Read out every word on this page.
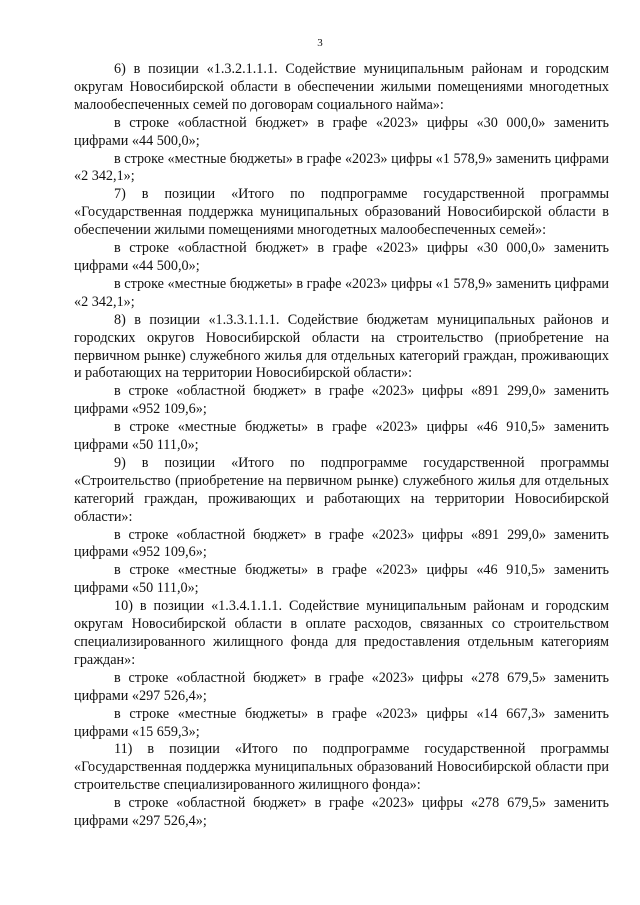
3

6) в позиции «1.3.2.1.1.1. Содействие муниципальным районам и городским округам Новосибирской области в обеспечении жилыми помещениями многодетных малообеспеченных семей по договорам социального найма»:

в строке «областной бюджет» в графе «2023» цифры «30 000,0» заменить цифрами «44 500,0»;

в строке «местные бюджеты» в графе «2023» цифры «1 578,9» заменить цифрами «2 342,1»;

7) в позиции «Итого по подпрограмме государственной программы «Государственная поддержка муниципальных образований Новосибирской области в обеспечении жилыми помещениями многодетных малообеспеченных семей»:

в строке «областной бюджет» в графе «2023» цифры «30 000,0» заменить цифрами «44 500,0»;

в строке «местные бюджеты» в графе «2023» цифры «1 578,9» заменить цифрами «2 342,1»;

8) в позиции «1.3.3.1.1.1. Содействие бюджетам муниципальных районов и городских округов Новосибирской области на строительство (приобретение на первичном рынке) служебного жилья для отдельных категорий граждан, проживающих и работающих на территории Новосибирской области»:

в строке «областной бюджет» в графе «2023» цифры «891 299,0» заменить цифрами «952 109,6»;

в строке «местные бюджеты» в графе «2023» цифры «46 910,5» заменить цифрами «50 111,0»;

9) в позиции «Итого по подпрограмме государственной программы «Строительство (приобретение на первичном рынке) служебного жилья для отдельных категорий граждан, проживающих и работающих на территории Новосибирской области»:

в строке «областной бюджет» в графе «2023» цифры «891 299,0» заменить цифрами «952 109,6»;

в строке «местные бюджеты» в графе «2023» цифры «46 910,5» заменить цифрами «50 111,0»;

10) в позиции «1.3.4.1.1.1. Содействие муниципальным районам и городским округам Новосибирской области в оплате расходов, связанных со строительством специализированного жилищного фонда для предоставления отдельным категориям граждан»:

в строке «областной бюджет» в графе «2023» цифры «278 679,5» заменить цифрами «297 526,4»;

в строке «местные бюджеты» в графе «2023» цифры «14 667,3» заменить цифрами «15 659,3»;

11) в позиции «Итого по подпрограмме государственной программы «Государственная поддержка муниципальных образований Новосибирской области при строительстве специализированного жилищного фонда»:

в строке «областной бюджет» в графе «2023» цифры «278 679,5» заменить цифрами «297 526,4»;
